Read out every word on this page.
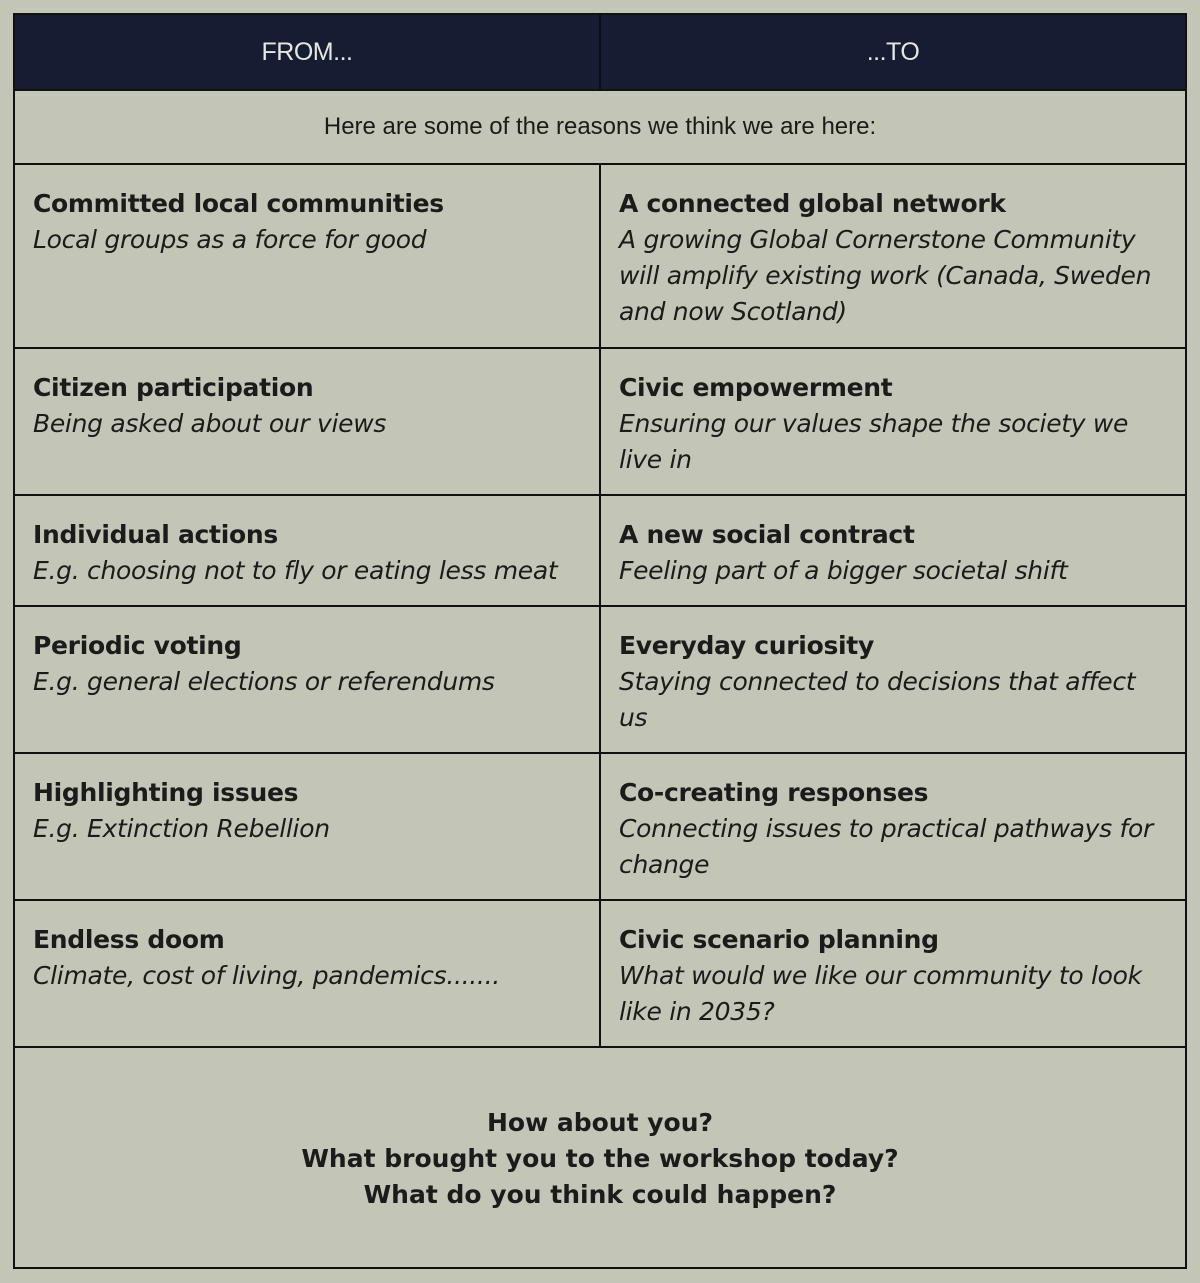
FROM...	...TO
Here are some of the reasons we think we are here:
Committed local communities
Local groups as a force for good
A connected global network
A growing Global Cornerstone Community will amplify existing work (Canada, Sweden and now Scotland)
Citizen participation
Being asked about our views
Civic empowerment
Ensuring our values shape the society we live in
Individual actions
E.g. choosing not to fly or eating less meat
A new social contract
Feeling part of a bigger societal shift
Periodic voting
E.g. general elections or referendums
Everyday curiosity
Staying connected to decisions that affect us
Highlighting issues
E.g. Extinction Rebellion
Co-creating responses
Connecting issues to practical pathways for change
Endless doom
Climate, cost of living, pandemics.......
Civic scenario planning
What would we like our community to look like in 2035?
How about you?
What brought you to the workshop today?
What do you think could happen?
